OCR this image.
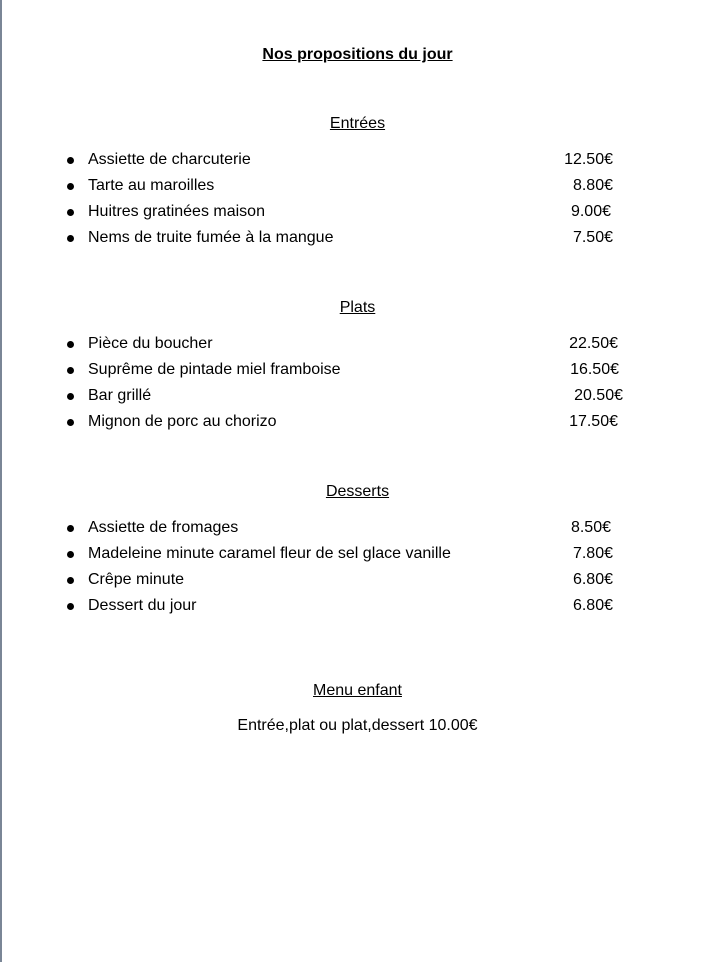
Nos propositions du jour
Entrées
Assiette de charcuterie	12.50€
Tarte au maroilles	8.80€
Huitres gratinées maison	9.00€
Nems de truite fumée à la mangue	7.50€
Plats
Pièce du boucher	22.50€
Suprême de pintade miel framboise	16.50€
Bar grillé	20.50€
Mignon de porc au chorizo	17.50€
Desserts
Assiette de fromages	8.50€
Madeleine minute caramel fleur de sel glace vanille	7.80€
Crêpe minute	6.80€
Dessert du jour	6.80€
Menu enfant
Entrée,plat ou plat,dessert 10.00€
